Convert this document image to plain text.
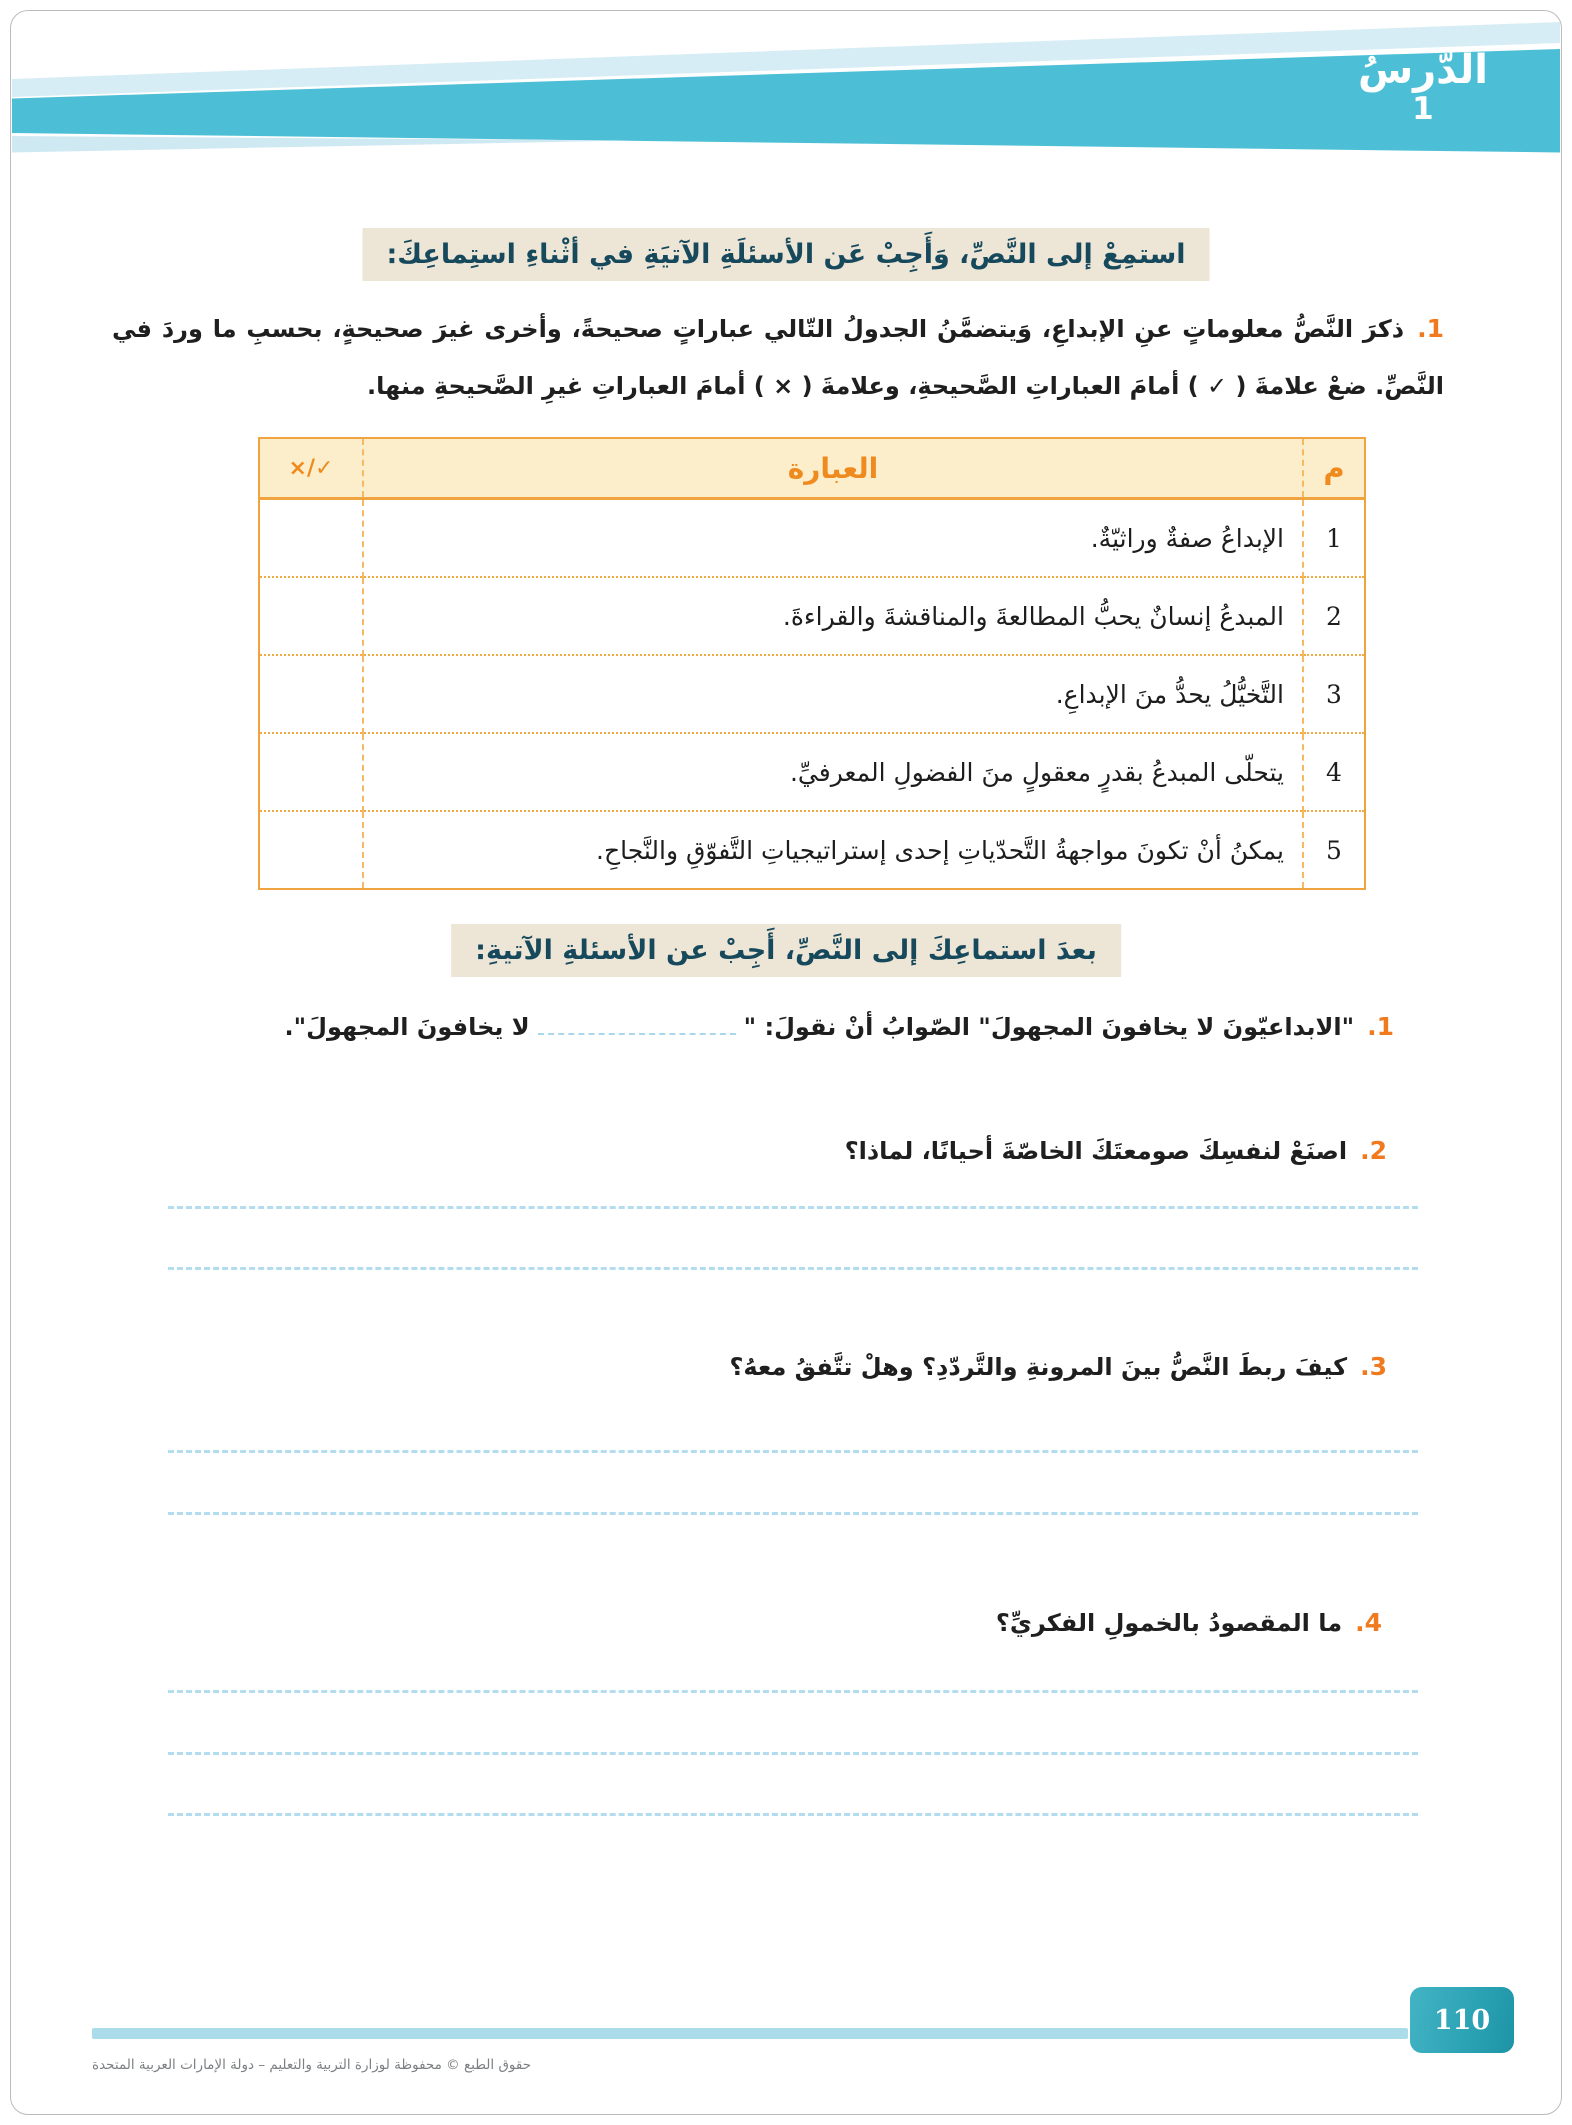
الدّرسُ
1
استمِعْ إلى النَّصِّ، وَأَجِبْ عَن الأسئلَةِ الآتيَةِ في أثْناءِ استِماعِكَ:

1.ذكرَ النَّصُّ معلوماتٍ عنِ الإبداعِ، وَيتضمَّنُ الجدولُ التّالي عباراتٍ صحيحةً، وأخرى غيرَ صحيحةٍ، بحسبِ ما وردَ في النَّصِّ. ضعْ علامةَ ( ✓ ) أمامَ العباراتِ الصَّحيحةِ، وعلامةَ ( × ) أمامَ العباراتِ غيرِ الصَّحيحةِ منها.

م	العبارة	×/✓
1	الإبداعُ صفةٌ وراثيّةٌ.	
2	المبدعُ إنسانٌ يحبُّ المطالعةَ والمناقشةَ والقراءةَ.	
3	التَّخيُّلُ يحدُّ منَ الإبداعِ.	
4	يتحلّى المبدعُ بقدرٍ معقولٍ منَ الفضولِ المعرفيِّ.	
5	يمكنُ أنْ تكونَ مواجهةُ التَّحدّياتِ إحدى إستراتيجياتِ التَّفوّقِ والنَّجاحِ.	
بعدَ استماعِكَ إلى النَّصِّ، أَجِبْ عن الأسئلةِ الآتيةِ:
1."الابداعيّونَ لا يخافونَ المجهولَ" الصّوابُ أنْ نقولَ: "لا يخافونَ المجهولَ".
2.اصنَعْ لنفسِكَ صومعتَكَ الخاصّةَ أحيانًا، لماذا؟
3.كيفَ ربطَ النَّصُّ بينَ المرونةِ والتَّردّدِ؟ وهلْ تتَّفقُ معهُ؟
4.ما المقصودُ بالخمولِ الفكريِّ؟
110
حقوق الطبع © محفوظة لوزارة التربية والتعليم – دولة الإمارات العربية المتحدة
